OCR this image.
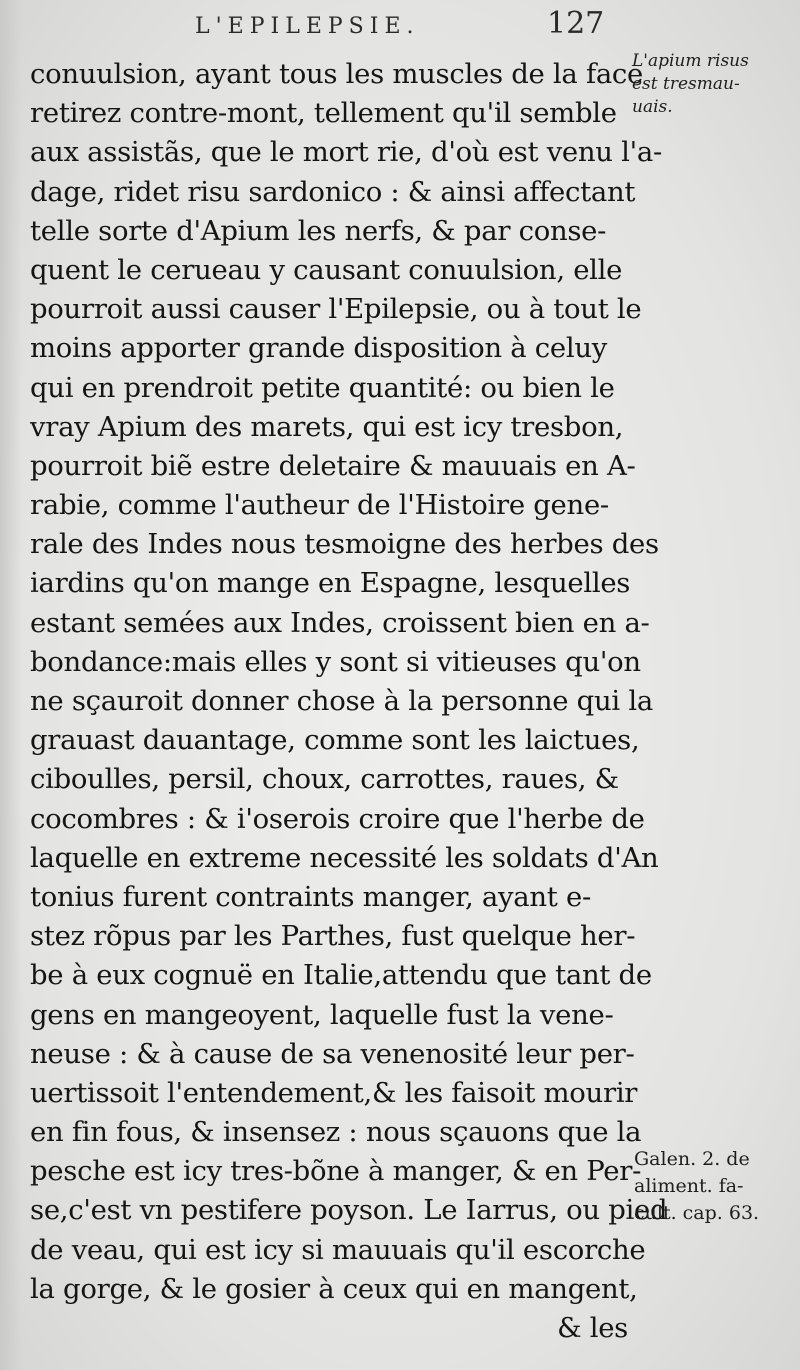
L'EPILEPSIE.	127
conuulsion, ayant tous les muscles de la face
retirez contre-mont, tellement qu'il semble
aux assistãs, que le mort rie, d'où est venu l'a-
dage, ridet risu sardonico : & ainsi affectant
telle sorte d'Apium les nerfs, & par conse-
quent le cerueau y causant conuulsion, elle
pourroit aussi causer l'Epilepsie, ou à tout le
moins apporter grande disposition à celuy
qui en prendroit petite quantité: ou bien le
vray Apium des marets, qui est icy tresbon,
pourroit biẽ estre deletaire & mauuais en A-
rabie, comme l'autheur de l'Histoire gene-
rale des Indes nous tesmoigne des herbes des
iardins qu'on mange en Espagne, lesquelles
estant semées aux Indes, croissent bien en a-
bondance:mais elles y sont si vitieuses qu'on
ne sçauroit donner chose à la personne qui la
grauast dauantage, comme sont les laictues,
ciboulles, persil, choux, carrottes, raues, &
cocombres : & i'oserois croire que l'herbe de
laquelle en extreme necessité les soldats d'An
tonius furent contraints manger, ayant e-
stez rõpus par les Parthes, fust quelque her-
be à eux cognuë en Italie,attendu que tant de
gens en mangeoyent, laquelle fust la vene-
neuse : & à cause de sa venenosité leur per-
uertissoit l'entendement,& les faisoit mourir
en fin fous, & insensez : nous sçauons que la
pesche est icy tres-bõne à manger, & en Per-
se,c'est vn pestifere poyson. Le Iarrus, ou pied
de veau, qui est icy si mauuais qu'il escorche
la gorge, & le gosier à ceux qui en mangent,
& les
L'apium risus
est tresmau-
uais.
Galen. 2. de
aliment. fa-
cult. cap. 63.
